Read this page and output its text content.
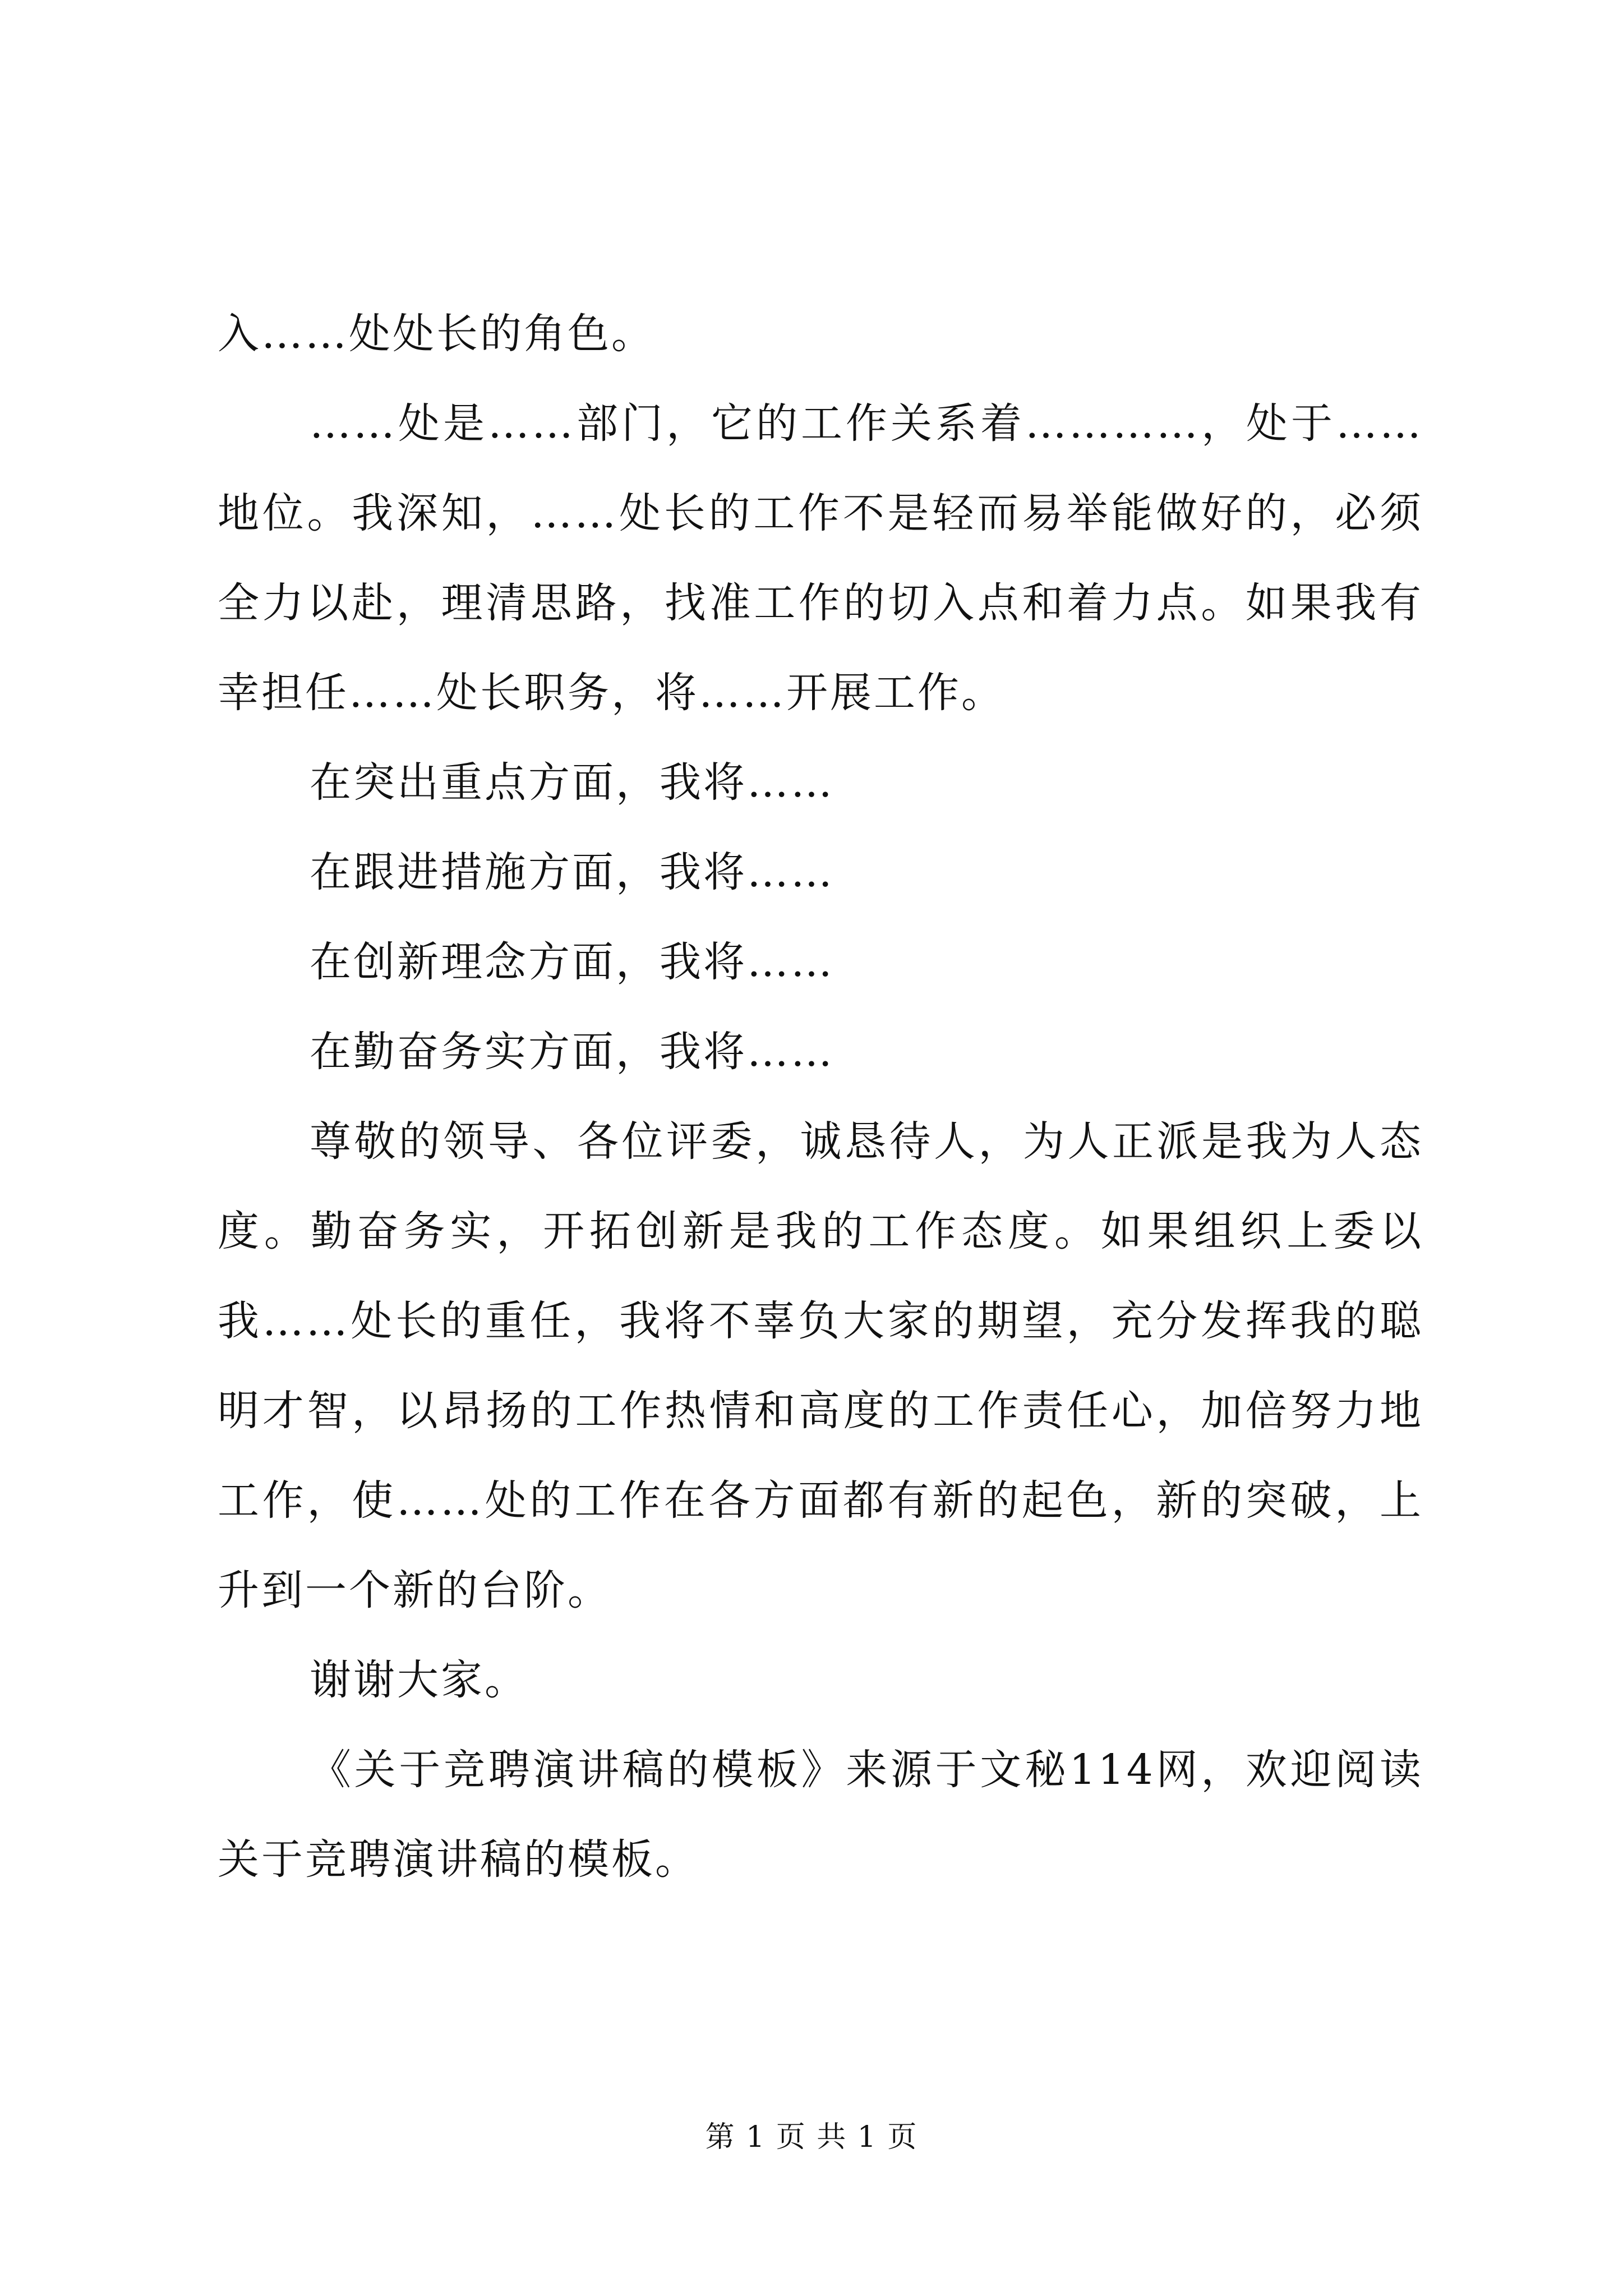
入……处处长的角色。

……处是……部门，它的工作关系着…………，处于……地位。我深知，……处长的工作不是轻而易举能做好的，必须全力以赴，理清思路，找准工作的切入点和着力点。如果我有幸担任……处长职务，将……开展工作。

在突出重点方面，我将……

在跟进措施方面，我将……

在创新理念方面，我将……

在勤奋务实方面，我将……

尊敬的领导、各位评委，诚恳待人，为人正派是我为人态度。勤奋务实，开拓创新是我的工作态度。如果组织上委以我……处长的重任，我将不辜负大家的期望，充分发挥我的聪明才智，以昂扬的工作热情和高度的工作责任心，加倍努力地工作，使……处的工作在各方面都有新的起色，新的突破，上升到一个新的台阶。

谢谢大家。

《关于竞聘演讲稿的模板》来源于文秘114网，欢迎阅读关于竞聘演讲稿的模板。

第 1 页 共 1 页
